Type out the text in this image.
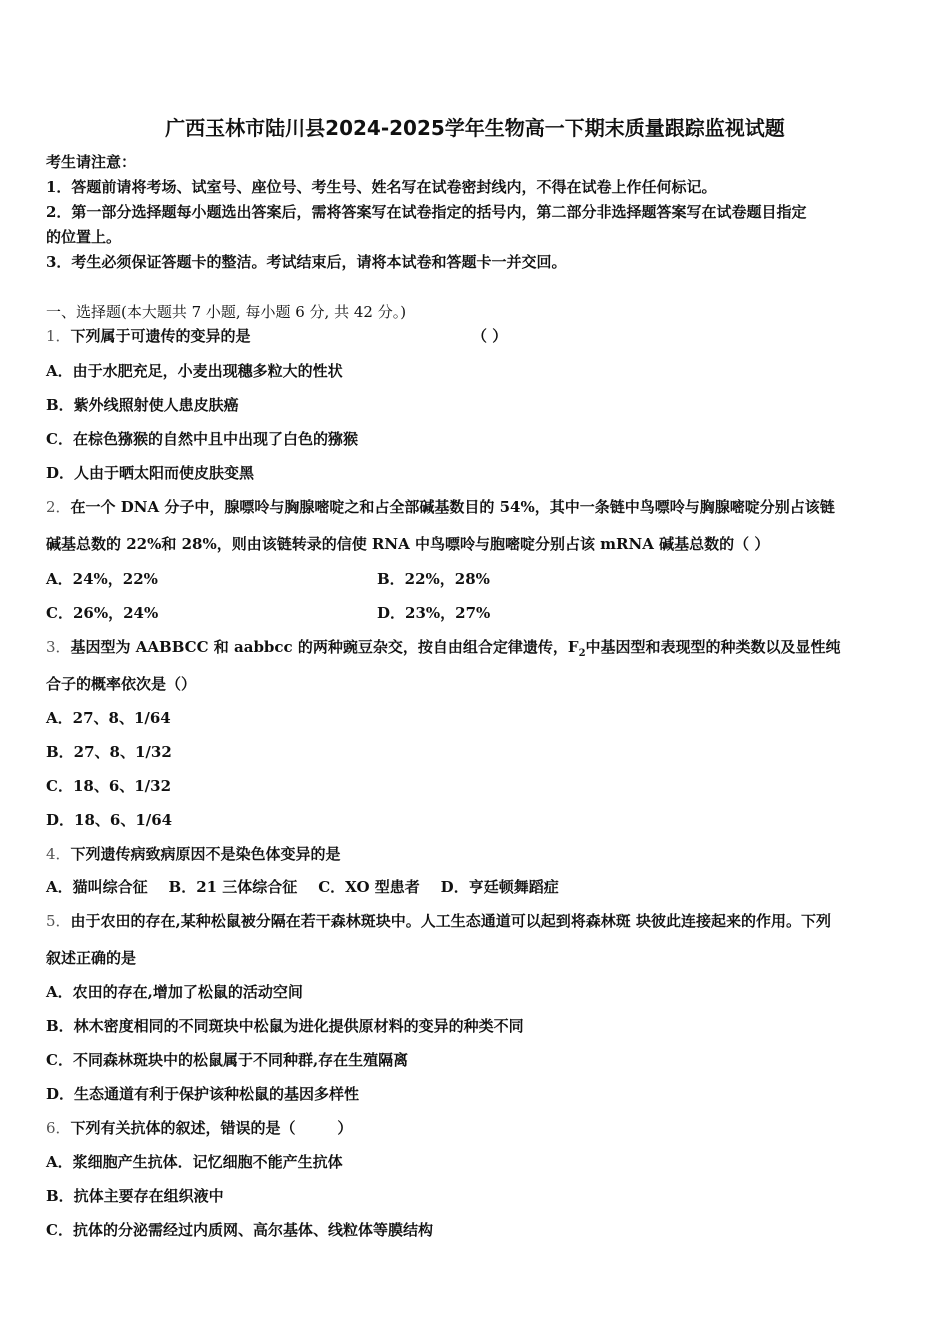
广西玉林市陆川县2024-2025学年生物高一下期末质量跟踪监视试题
考生请注意：
1．答题前请将考场、试室号、座位号、考生号、姓名写在试卷密封线内，不得在试卷上作任何标记。
2．第一部分选择题每小题选出答案后，需将答案写在试卷指定的括号内，第二部分非选择题答案写在试卷题目指定
的位置上。
3．考生必须保证答题卡的整洁。考试结束后，请将本试卷和答题卡一并交回。
一、选择题(本大题共 7 小题, 每小题 6 分, 共 42 分。)
1．下列属于可遗传的变异的是	（ ）
A．由于水肥充足，小麦出现穗多粒大的性状
B．紫外线照射使人患皮肤癌
C．在棕色猕猴的自然中且中出现了白色的猕猴
D．人由于晒太阳而使皮肤变黑
2．在一个 DNA 分子中，腺嘌呤与胸腺嘧啶之和占全部碱基数目的 54%，其中一条链中鸟嘌呤与胸腺嘧啶分别占该链
碱基总数的 22%和 28%，则由该链转录的信使 RNA 中鸟嘌呤与胞嘧啶分别占该 mRNA 碱基总数的（ ）
A．24%，22%	B．22%，28%
C．26%，24%	D．23%，27%
3．基因型为 AABBCC 和 aabbcc 的两种豌豆杂交，按自由组合定律遗传，$F_2$中基因型和表现型的种类数以及显性纯
合子的概率依次是（）
A．27、8、1/64
B．27、8、1/32
C．18、6、1/32
D．18、6、1/64
4．下列遗传病致病原因不是染色体变异的是
A．猫叫综合征    B．21 三体综合征    C．XO 型患者    D．亨廷顿舞蹈症
5．由于农田的存在,某种松鼠被分隔在若干森林斑块中。人工生态通道可以起到将森林斑 块彼此连接起来的作用。下列
叙述正确的是
A．农田的存在,增加了松鼠的活动空间
B．林木密度相同的不同斑块中松鼠为进化提供原材料的变异的种类不同
C．不同森林斑块中的松鼠属于不同种群,存在生殖隔离
D．生态通道有利于保护该种松鼠的基因多样性
6．下列有关抗体的叙述，错误的是（        ）
A．浆细胞产生抗体．记忆细胞不能产生抗体
B．抗体主要存在组织液中
C．抗体的分泌需经过内质网、高尔基体、线粒体等膜结构
